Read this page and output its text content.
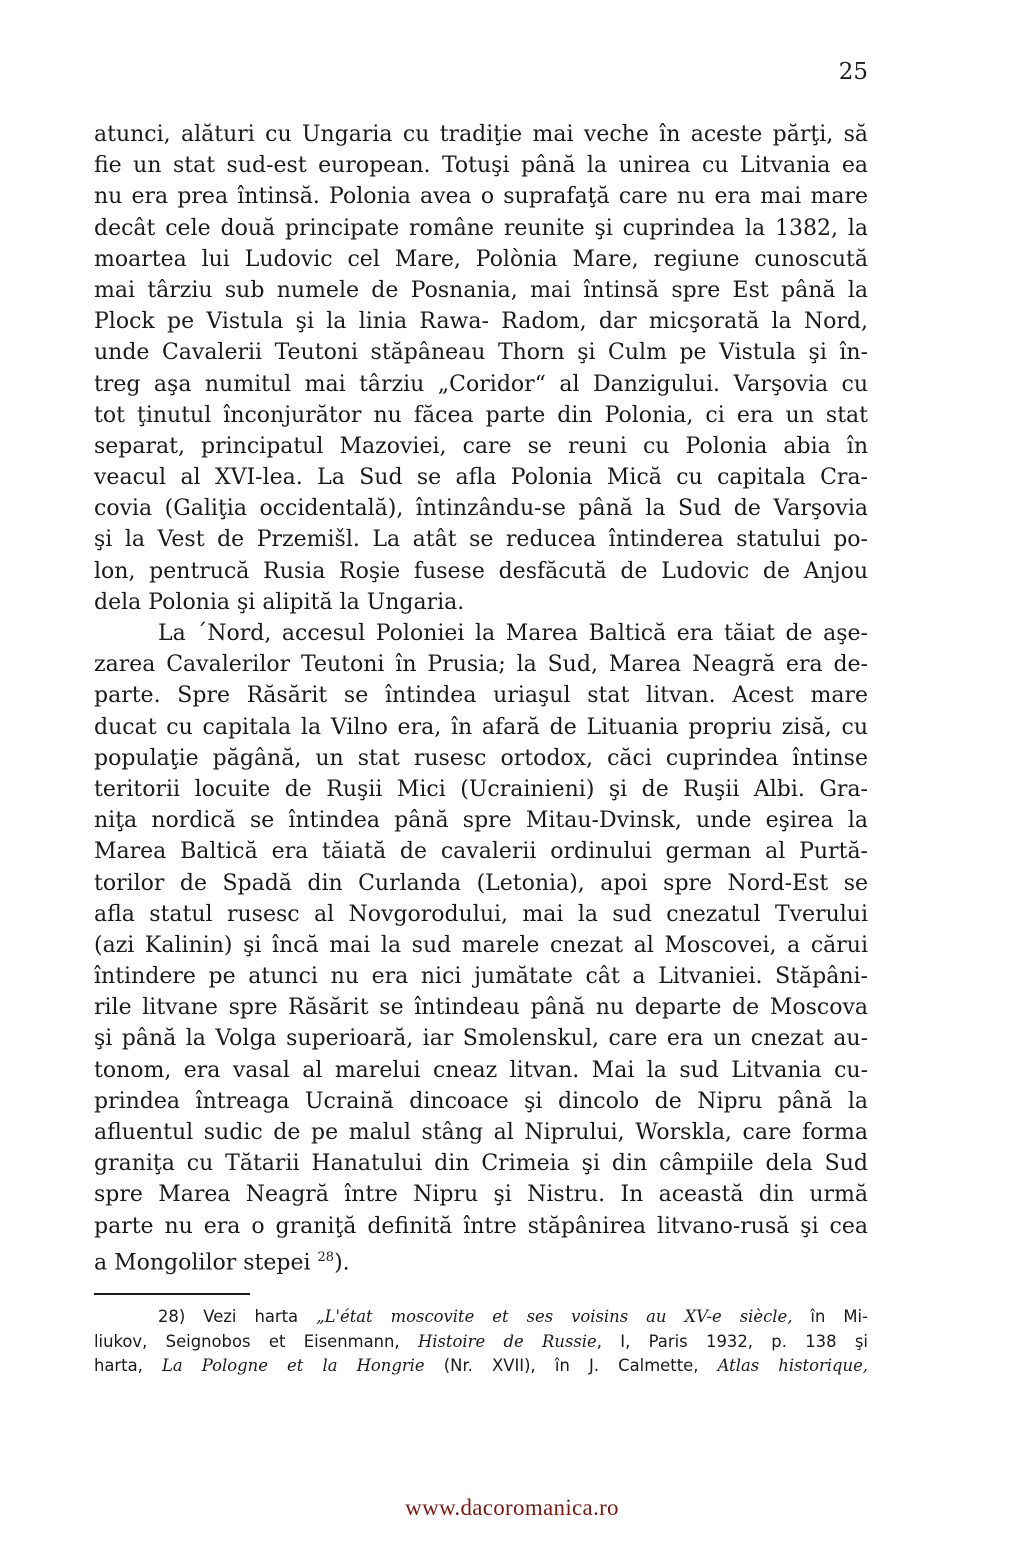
25
atunci, alături cu Ungaria cu tradiţie mai veche în aceste părţi, să
fie un stat sud-est european. Totuşi până la unirea cu Litvania ea
nu era prea întinsă. Polonia avea o suprafaţă care nu era mai mare
decât cele două principate române reunite şi cuprindea la 1382, la
moartea lui Ludovic cel Mare, Polònia Mare, regiune cunoscută
mai târziu sub numele de Posnania, mai întinsă spre Est până la
Plock pe Vistula şi la linia Rawa- Radom, dar micşorată la Nord,
unde Cavalerii Teutoni stăpâneau Thorn şi Culm pe Vistula şi în-
treg aşa numitul mai târziu „Coridor“ al Danzigului. Varşovia cu
tot ţinutul înconjurător nu făcea parte din Polonia, ci era un stat
separat, principatul Mazoviei, care se reuni cu Polonia abia în
veacul al XVI-lea. La Sud se afla Polonia Mică cu capitala Cra-
covia (Galiţia occidentală), întinzându-se până la Sud de Varşovia
şi la Vest de Przemišl. La atât se reducea întinderea statului po-
lon, pentrucă Rusia Roşie fusese desfăcută de Ludovic de Anjou
dela Polonia şi alipită la Ungaria.
La ´Nord, accesul Poloniei la Marea Baltică era tăiat de aşe-
zarea Cavalerilor Teutoni în Prusia; la Sud, Marea Neagră era de-
parte. Spre Răsărit se întindea uriaşul stat litvan. Acest mare
ducat cu capitala la Vilno era, în afară de Lituania propriu zisă, cu
populaţie păgână, un stat rusesc ortodox, căci cuprindea întinse
teritorii locuite de Ruşii Mici (Ucrainieni) şi de Ruşii Albi. Gra-
niţa nordică se întindea până spre Mitau-Dvinsk, unde eşirea la
Marea Baltică era tăiată de cavalerii ordinului german al Purtă-
torilor de Spadă din Curlanda (Letonia), apoi spre Nord-Est se
afla statul rusesc al Novgorodului, mai la sud cnezatul Tverului
(azi Kalinin) şi încă mai la sud marele cnezat al Moscovei, a cărui
întindere pe atunci nu era nici jumătate cât a Litvaniei. Stăpâni-
rile litvane spre Răsărit se întindeau până nu departe de Moscova
şi până la Volga superioară, iar Smolenskul, care era un cnezat au-
tonom, era vasal al marelui cneaz litvan. Mai la sud Litvania cu-
prindea întreaga Ucraină dincoace şi dincolo de Nipru până la
afluentul sudic de pe malul stâng al Niprului, Worskla, care forma
graniţa cu Tătarii Hanatului din Crimeia şi din câmpiile dela Sud
spre Marea Neagră între Nipru şi Nistru. In această din urmă
parte nu era o graniţă definită între stăpânirea litvano-rusă şi cea
a Mongolilor stepei $^{28}$).
28) Vezi harta „L'état moscovite et ses voisins au XV-e siècle, în Mi-
liukov, Seignobos et Eisenmann, Histoire de Russie, I, Paris 1932, p. 138 şi
harta, La Pologne et la Hongrie (Nr. XVII), în J. Calmette, Atlas historique,
www.dacoromanica.ro
